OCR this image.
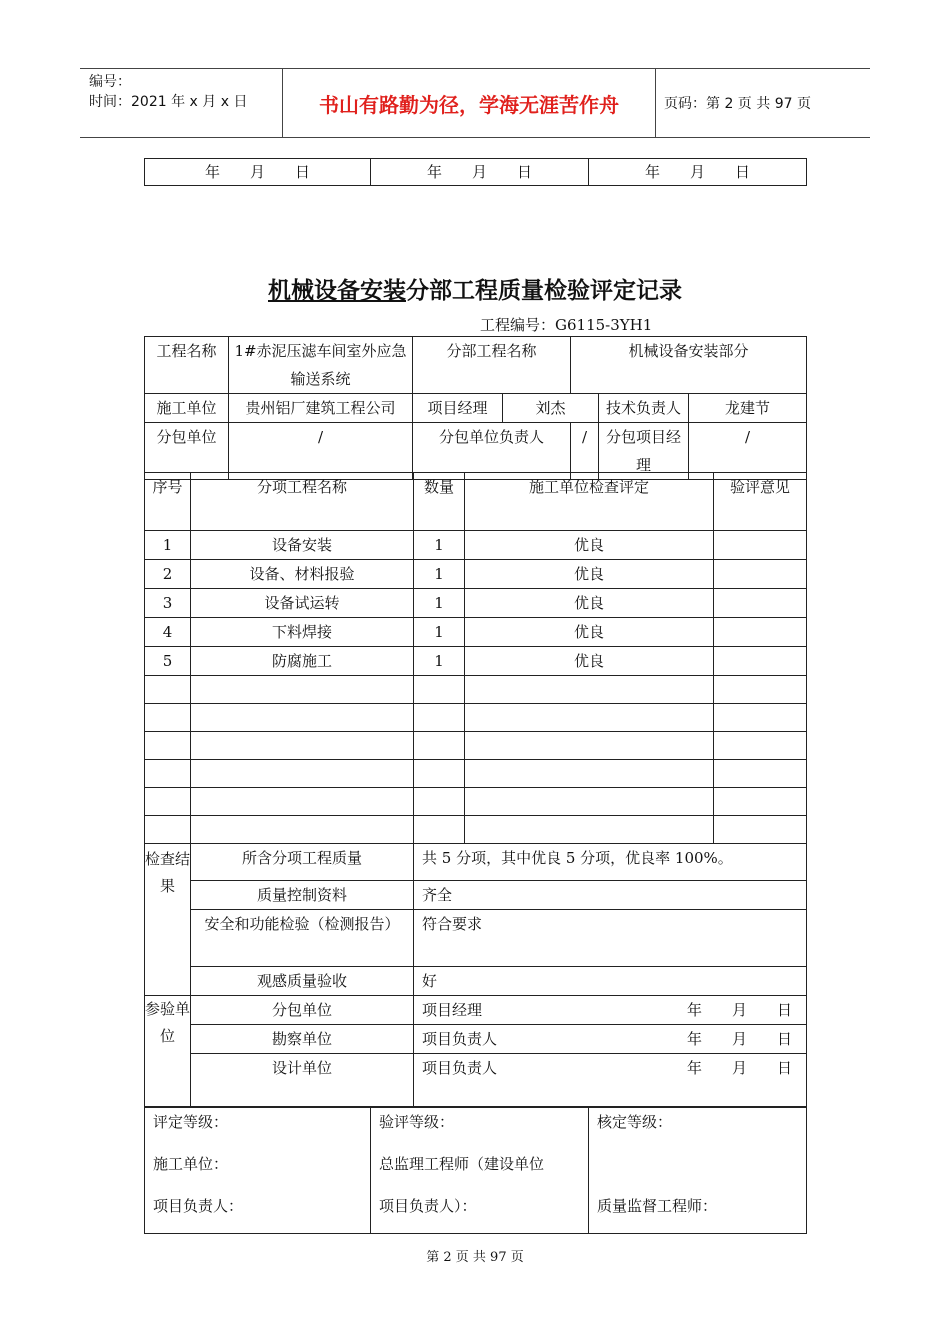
编号：
时间：2021 年 x 月 x 日	书山有路勤为径，学海无涯苦作舟	页码：第 2 页 共 97 页
年　　月　　日	年　　月　　日	年　　月　　日
机械设备安装分部工程质量检验评定记录
工程编号：G6115-3YH1
工程名称	1#赤泥压滤车间室外应急输送系统	分部工程名称		机械设备安装部分		
施工单位	贵州铝厂建筑工程公司	项目经理	刘杰		技术负责人	龙建节
分包单位	/	分包单位负责人		/	分包项目经理	/
序号	分项工程名称	数量	施工单位检查评定	验评意见
1	设备安装	1	优良	
2	设备、材料报验	1	优良	
3	设备试运转	1	优良	
4	下料焊接	1	优良	
5	防腐施工	1	优良	

检查结果	所含分项工程质量	共 5 分项，其中优良 5 分项，优良率 100%。		
	质量控制资料	齐全		
	安全和功能检验（检测报告）	符合要求		
	观感质量验收	好		
参验单位	分包单位	项目经理 年　　月　　日		

	勘察单位	项目负责人 年　　月　　日		

	设计单位	项目负责人 年　　月　　日		
评定等级：
施工单位：
项目负责人：

验评等级：
总监理工程师（建设单位
项目负责人）：

核定等级：
质量监督工程师：
第 2 页 共 97 页
